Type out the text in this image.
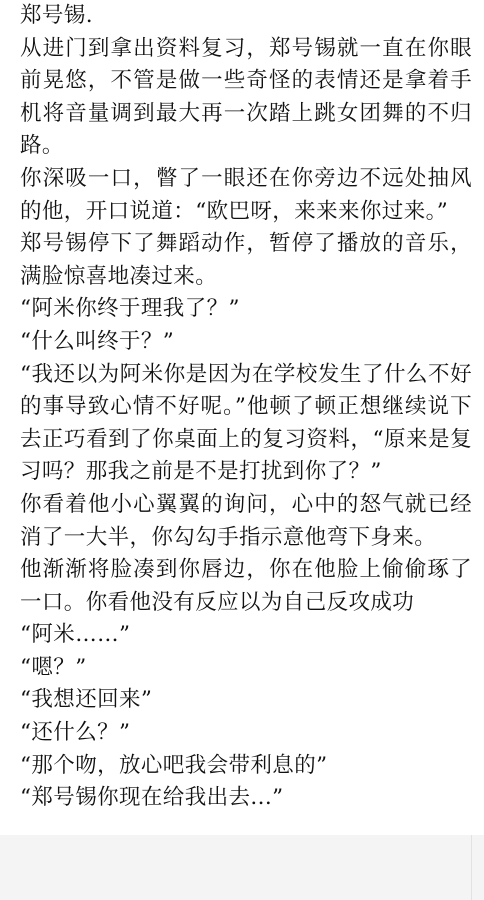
郑号锡.

从进门到拿出资料复习，郑号锡就一直在你眼前晃悠，不管是做一些奇怪的表情还是拿着手机将音量调到最大再一次踏上跳女团舞的不归路。

你深吸一口，瞥了一眼还在你旁边不远处抽风的他，开口说道：“欧巴呀，来来来你过来。”

郑号锡停下了舞蹈动作，暂停了播放的音乐，满脸惊喜地凑过来。

“阿米你终于理我了？”

“什么叫终于？”

“我还以为阿米你是因为在学校发生了什么不好的事导致心情不好呢。”他顿了顿正想继续说下去正巧看到了你桌面上的复习资料，“原来是复习吗？那我之前是不是打扰到你了？”

你看着他小心翼翼的询问，心中的怒气就已经消了一大半，你勾勾手指示意他弯下身来。

他渐渐将脸凑到你唇边，你在他脸上偷偷琢了一口。你看他没有反应以为自己反攻成功

“阿米……”

“嗯？”

“我想还回来”

“还什么？”

“那个吻，放心吧我会带利息的”

“郑号锡你现在给我出去...”
